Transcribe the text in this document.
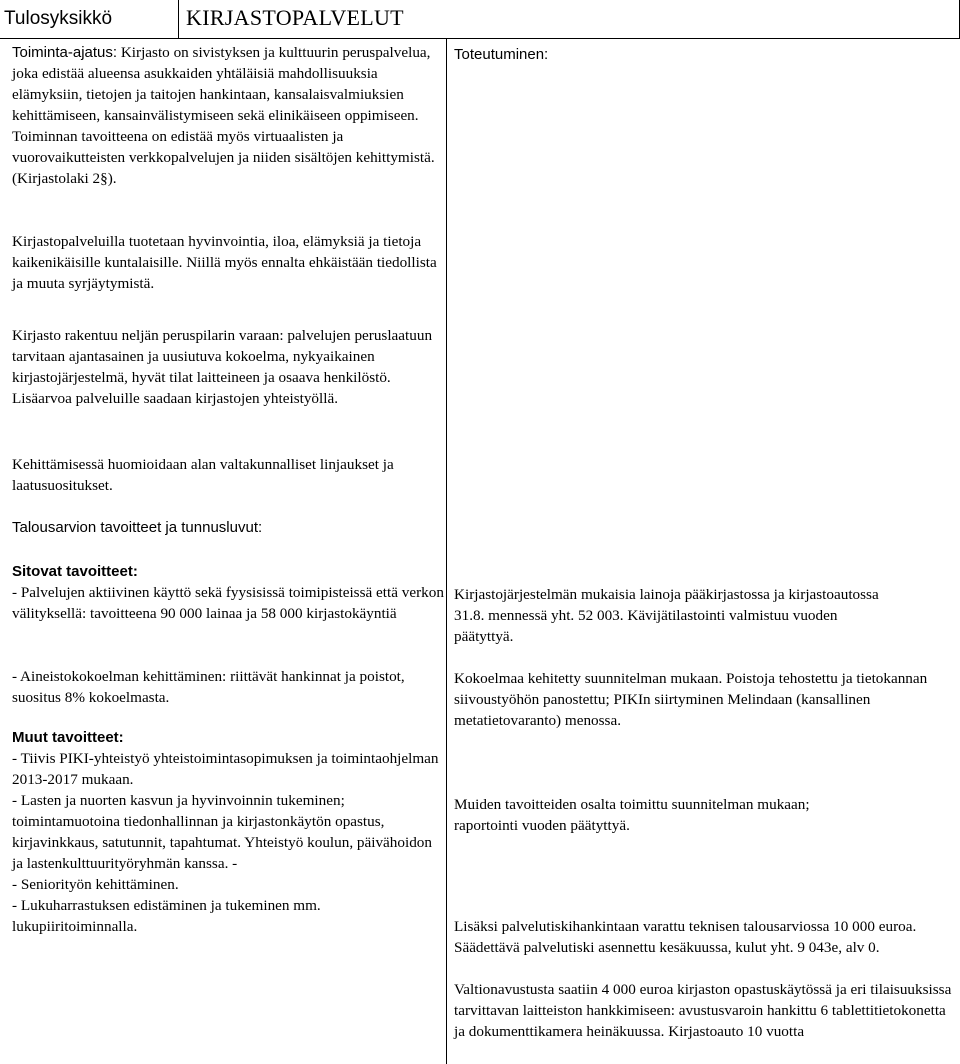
Tulosyksikkö	KIRJASTOPALVELUT

Toiminta-ajatus: Kirjasto on sivistyksen ja kulttuurin peruspalvelua, joka edistää alueensa asukkaiden yhtäläisiä mahdollisuuksia elämyksiin, tietojen ja taitojen hankintaan, kansalaisvalmiuksien kehittämiseen, kansainvälistymiseen sekä elinikäiseen oppimiseen. Toiminnan tavoitteena on edistää myös virtuaalisten ja vuorovaikutteisten verkkopalvelujen ja niiden sisältöjen kehittymistä. (Kirjastolaki 2§).

Kirjastopalveluilla tuotetaan hyvinvointia, iloa, elämyksiä ja tietoja kaikenikäisille kuntalaisille. Niillä myös ennalta ehkäistään tiedollista ja muuta syrjäytymistä.

Kirjasto rakentuu neljän peruspilarin varaan: palvelujen peruslaatuun tarvitaan ajantasainen ja uusiutuva kokoelma, nykyaikainen kirjastojärjestelmä, hyvät tilat laitteineen ja osaava henkilöstö. Lisäarvoa palveluille saadaan kirjastojen yhteistyöllä.

Kehittämisessä huomioidaan alan valtakunnalliset linjaukset ja laatusuositukset.

Talousarvion tavoitteet ja tunnusluvut:

Sitovat tavoitteet:

- Palvelujen aktiivinen käyttö sekä fyysisissä toimipisteissä että verkon välityksellä: tavoitteena 90 000 lainaa ja 58 000 kirjastokäyntiä

- Aineistokokoelman kehittäminen: riittävät hankinnat ja poistot, suositus 8% kokoelmasta.

Muut tavoitteet:

- Tiivis PIKI-yhteistyö yhteistoimintasopimuksen ja toimintaohjelman 2013-2017 mukaan.

- Lasten ja nuorten kasvun ja hyvinvoinnin tukeminen; toimintamuotoina tiedonhallinnan ja kirjastonkäytön opastus, kirjavinkkaus, satutunnit, tapahtumat. Yhteistyö koulun, päivähoidon ja lastenkulttuurityöryhmän kanssa. -

- Seniorityön kehittäminen.

- Lukuharrastuksen edistäminen ja tukeminen mm. lukupiiritoiminnalla.

Toteutuminen:

Kirjastojärjestelmän mukaisia lainoja pääkirjastossa ja kirjastoautossa 31.8. mennessä yht. 52 003. Kävijätilastointi valmistuu vuoden päätyttyä.

Kokoelmaa kehitetty suunnitelman mukaan. Poistoja tehostettu ja tietokannan siivoustyöhön panostettu; PIKIn siirtyminen Melindaan (kansallinen metatietovaranto) menossa.

Muiden tavoitteiden osalta toimittu suunnitelman mukaan; raportointi vuoden päätyttyä.

Lisäksi palvelutiskihankintaan varattu teknisen talousarviossa 10 000 euroa. Säädettävä palvelutiski asennettu kesäkuussa, kulut yht. 9 043e, alv 0.

Valtionavustusta saatiin 4 000 euroa kirjaston opastuskäytössä ja eri tilaisuuksissa tarvittavan laitteiston hankkimiseen: avustusvaroin hankittu 6 tablettitietokonetta ja dokumenttikamera heinäkuussa. Kirjastoauto 10 vuotta
